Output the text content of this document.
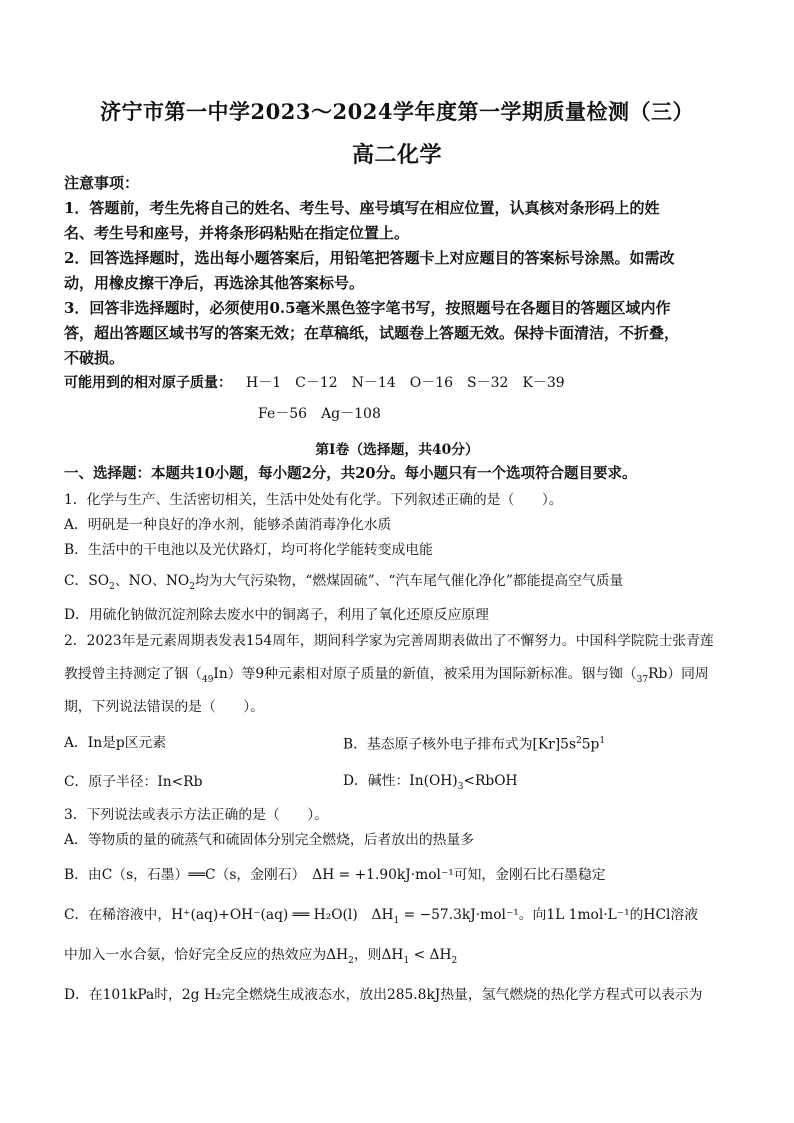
济宁市第一中学2023～2024学年度第一学期质量检测（三）
高二化学
注意事项：
1．答题前，考生先将自己的姓名、考生号、座号填写在相应位置，认真核对条形码上的姓
名、考生号和座号，并将条形码粘贴在指定位置上。
2．回答选择题时，选出每小题答案后，用铅笔把答题卡上对应题目的答案标号涂黑。如需改
动，用橡皮擦干净后，再选涂其他答案标号。
3．回答非选择题时，必须使用0.5毫米黑色签字笔书写，按照题号在各题目的答题区域内作
答，超出答题区域书写的答案无效；在草稿纸，试题卷上答题无效。保持卡面清洁，不折叠，
不破损。
可能用到的相对原子质量： H－1 C－12 N－14 O－16 S－32 K－39
Fe－56 Ag－108
第Ⅰ卷（选择题，共40分）
一、选择题：本题共10小题，每小题2分，共20分。每小题只有一个选项符合题目要求。
1．化学与生产、生活密切相关，生活中处处有化学。下列叙述正确的是（　　）。
A．明矾是一种良好的净水剂，能够杀菌消毒净化水质
B．生活中的干电池以及光伏路灯，均可将化学能转变成电能
C．$SO_2$、NO、$NO_2$均为大气污染物，“燃煤固硫”、“汽车尾气催化净化”都能提高空气质量
D．用硫化钠做沉淀剂除去废水中的铜离子，利用了氧化还原反应原理
2．2023年是元素周期表发表154周年，期间科学家为完善周期表做出了不懈努力。中国科学院院士张青莲
教授曾主持测定了铟$(_{49}In)$等9种元素相对原子质量的新值，被采用为国际新标准。铟与铷$(_{37}Rb)$同周
期，下列说法错误的是（　　）。
A．In是p区元素	B．基态原子核外电子排布式为$[Kr]5s^25p^1$
C．原子半径：In<Rb	D．碱性：$In(OH)_3<RbOH$
3．下列说法或表示方法正确的是（　　）。
A．等物质的量的硫蒸气和硫固体分别完全燃烧，后者放出的热量多
B．由C（s，石墨）══C（s，金刚石）　ΔH = +1.90kJ·mol⁻¹可知，金刚石比石墨稳定
C．在稀溶液中，H⁺(aq)+OH⁻(aq) ══ H₂O(l)　$\Delta H_1 = -57.3kJ\cdot mol^{-1}$。向1L 1mol·L⁻¹的HCl溶液
中加入一水合氨，恰好完全反应的热效应为$\Delta H_2$，则$\Delta H_1 < \Delta H_2$
D．在101kPa时，2g H₂完全燃烧生成液态水，放出285.8kJ热量，氢气燃烧的热化学方程式可以表示为
